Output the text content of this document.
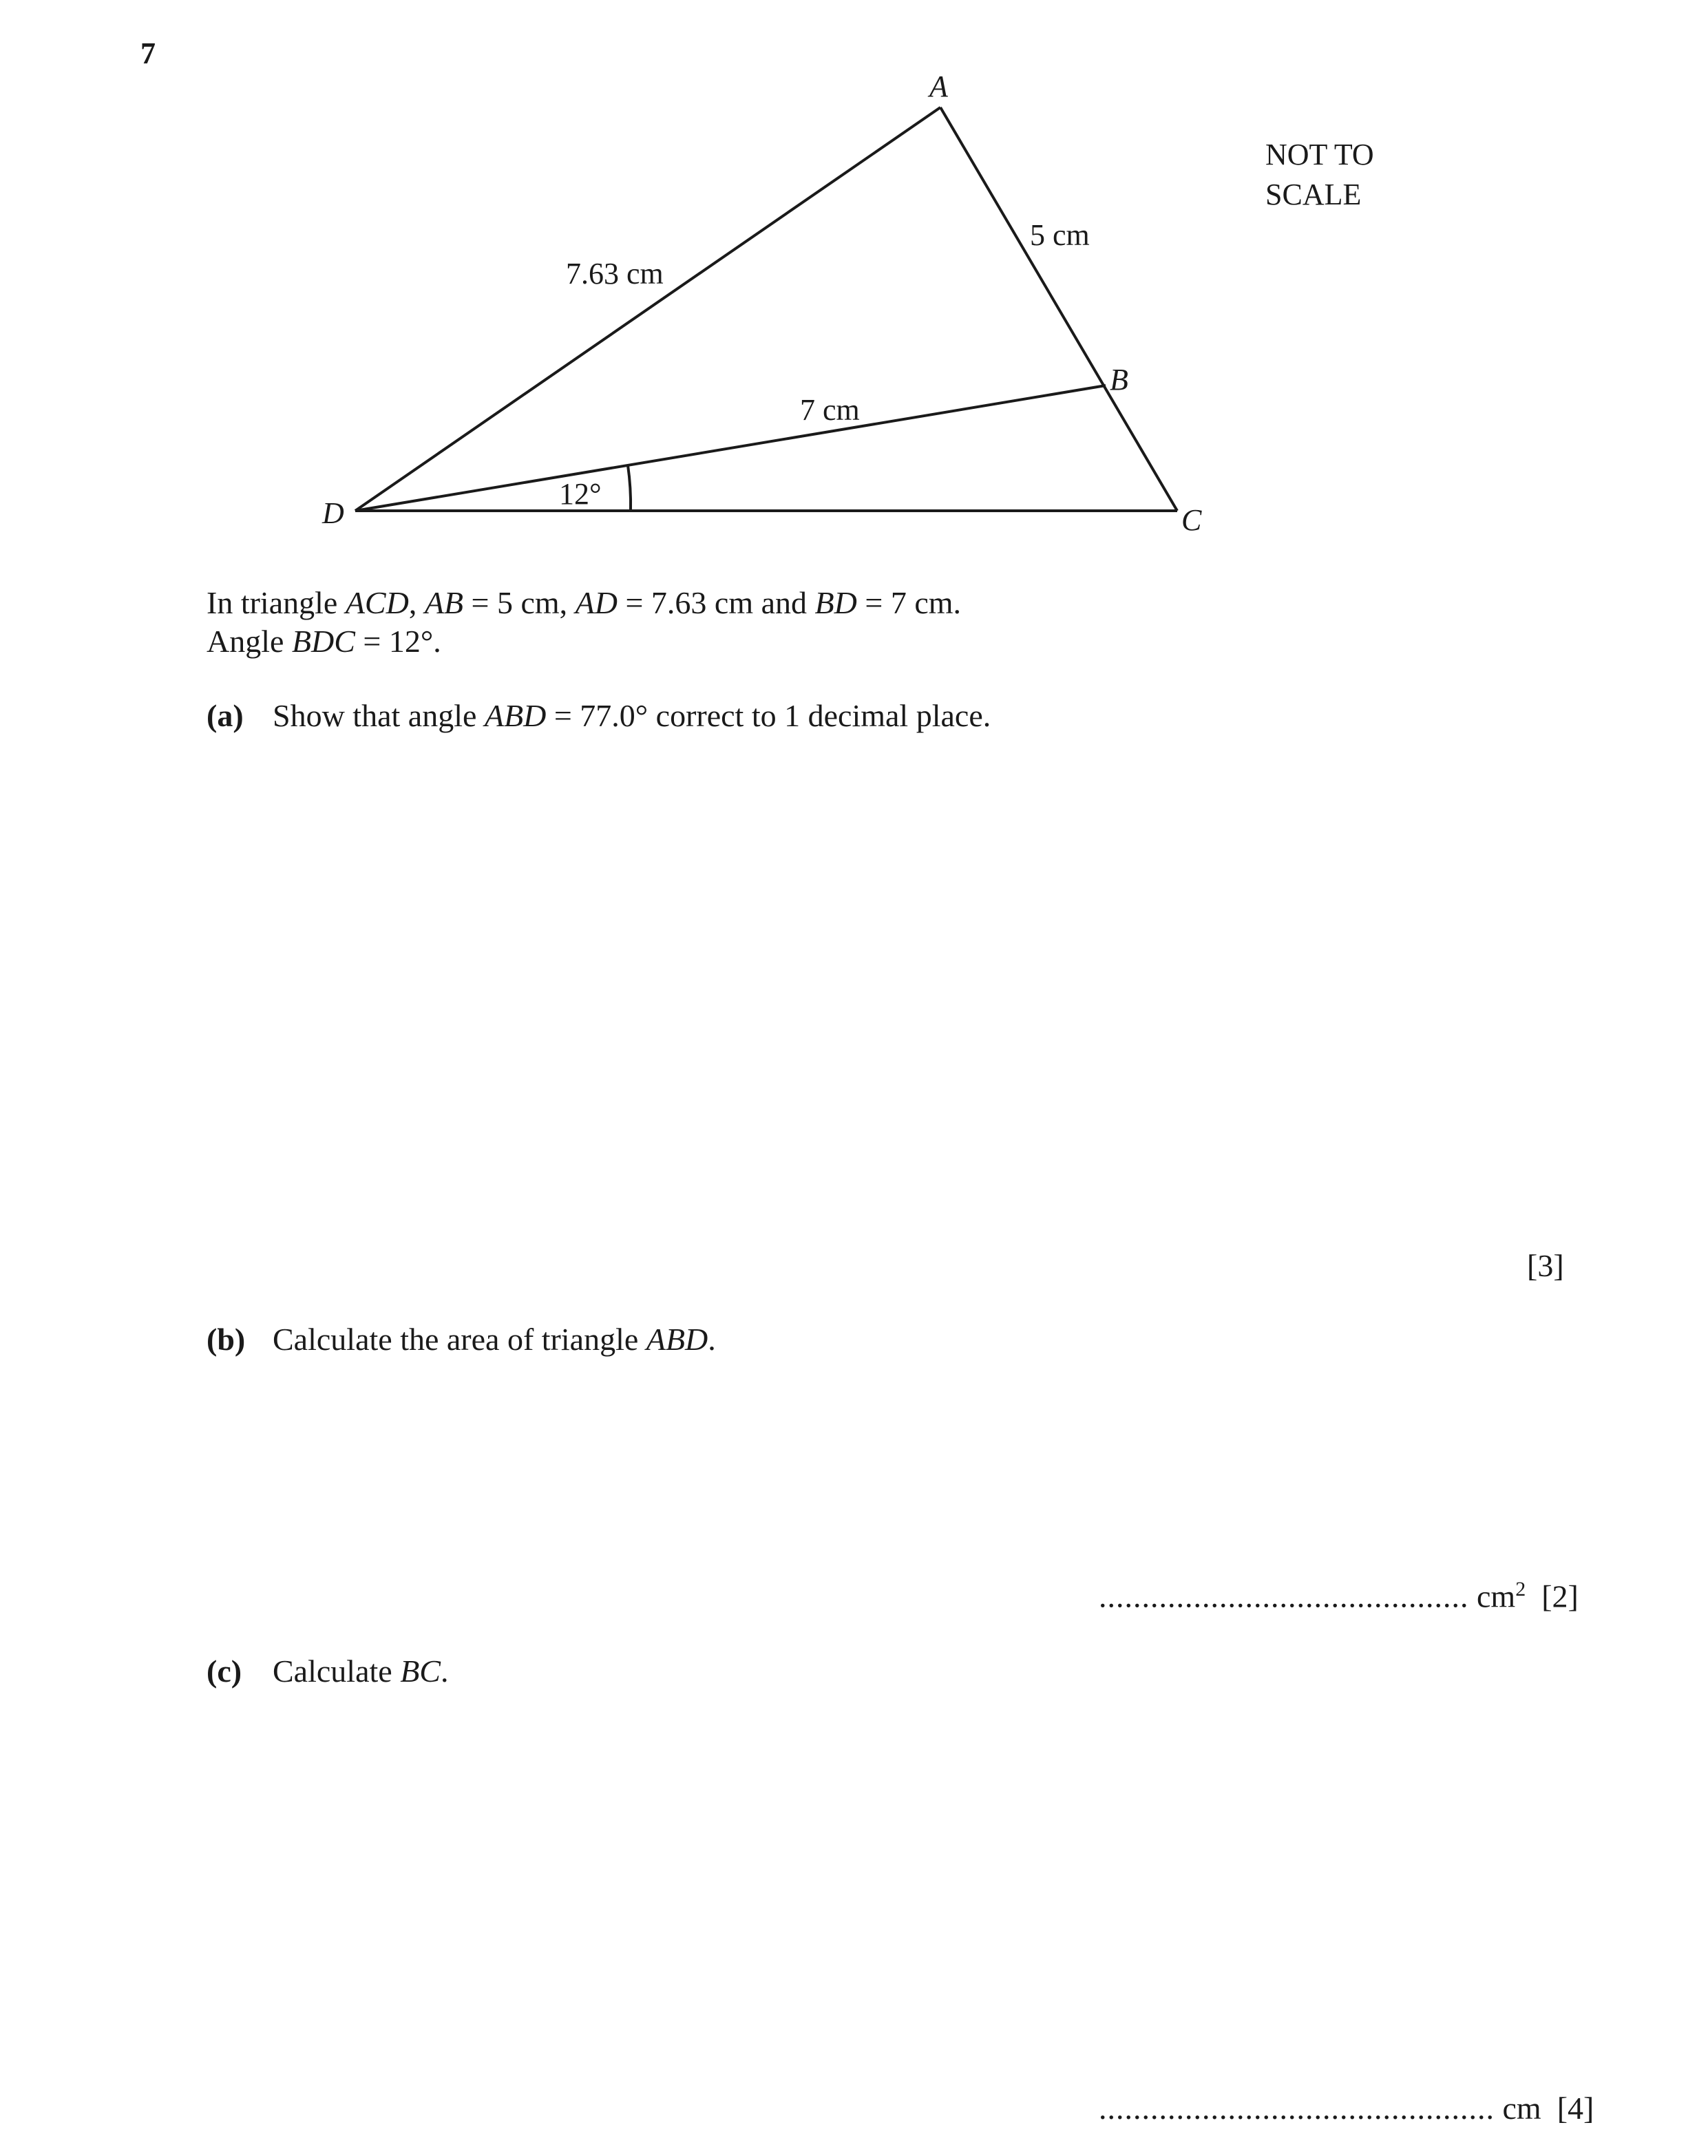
7
A
B
C
D
7.63 cm
5 cm
7 cm
12°
NOT TO
SCALE
In triangle ACD, AB = 5 cm, AD = 7.63 cm and BD = 7 cm.
Angle BDC = 12°.
(a) Show that angle ABD = 77.0° correct to 1 decimal place.
[3]
(b) Calculate the area of triangle ABD.
........................................... $cm^2$ [2]
(c) Calculate BC.
.............................................. cm [4]
